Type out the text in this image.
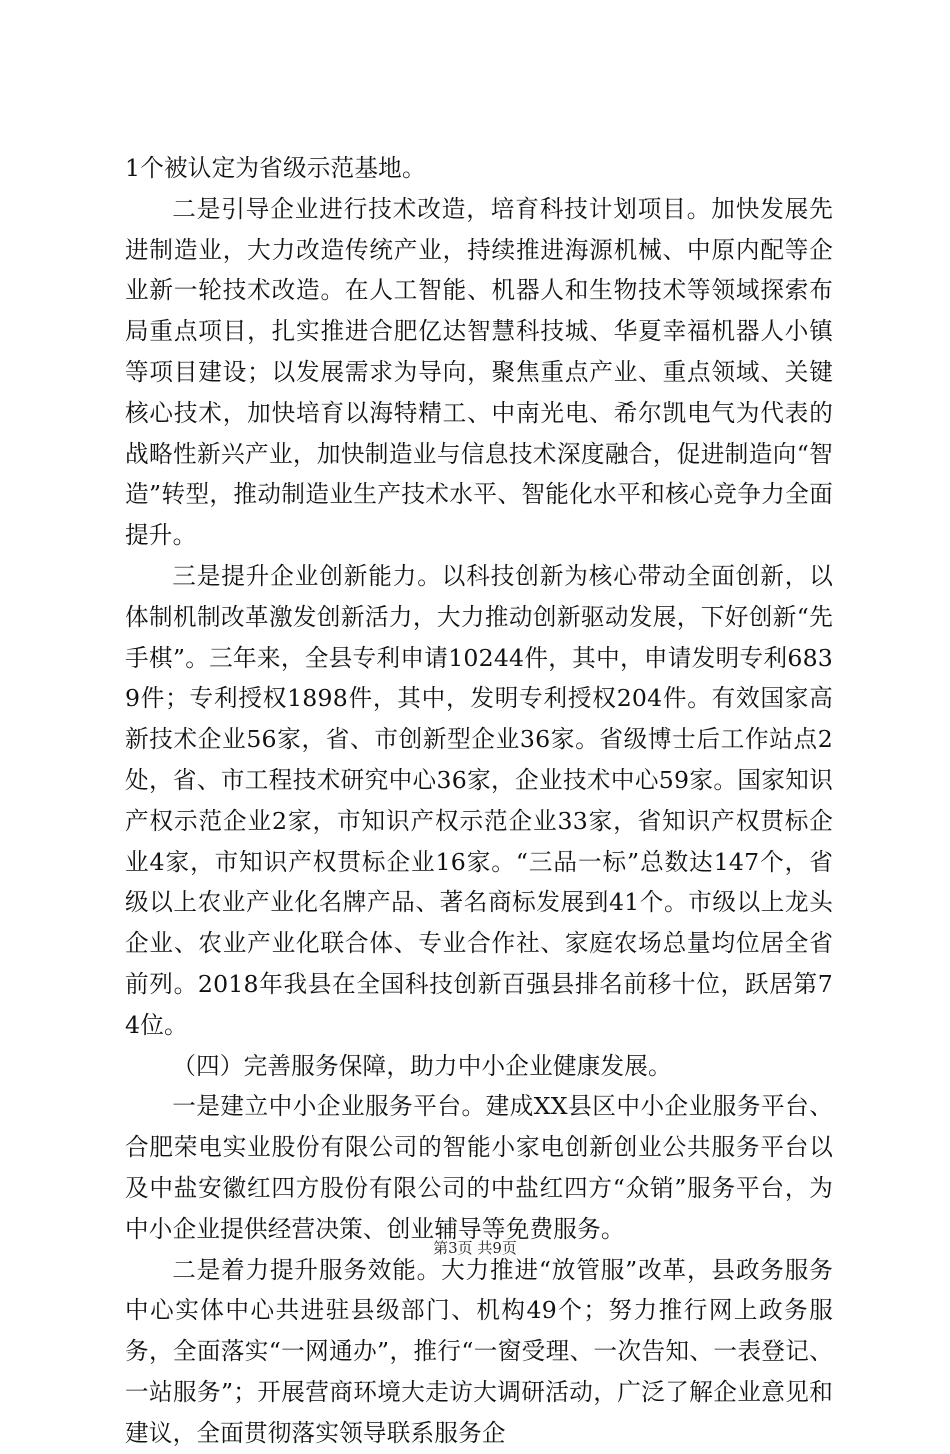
1个被认定为省级示范基地。

二是引导企业进行技术改造，培育科技计划项目。加快发展先进制造业，大力改造传统产业，持续推进海源机械、中原内配等企业新一轮技术改造。在人工智能、机器人和生物技术等领域探索布局重点项目，扎实推进合肥亿达智慧科技城、华夏幸福机器人小镇等项目建设；以发展需求为导向，聚焦重点产业、重点领域、关键核心技术，加快培育以海特精工、中南光电、希尔凯电气为代表的战略性新兴产业，加快制造业与信息技术深度融合，促进制造向“智造”转型，推动制造业生产技术水平、智能化水平和核心竞争力全面提升。

三是提升企业创新能力。以科技创新为核心带动全面创新，以体制机制改革激发创新活力，大力推动创新驱动发展，下好创新“先手棋”。三年来，全县专利申请10244件，其中，申请发明专利6839件；专利授权1898件，其中，发明专利授权204件。有效国家高新技术企业56家，省、市创新型企业36家。省级博士后工作站点2处，省、市工程技术研究中心36家，企业技术中心59家。国家知识产权示范企业2家，市知识产权示范企业33家，省知识产权贯标企业4家，市知识产权贯标企业16家。“三品一标”总数达147个，省级以上农业产业化名牌产品、著名商标发展到41个。市级以上龙头企业、农业产业化联合体、专业合作社、家庭农场总量均位居全省前列。2018年我县在全国科技创新百强县排名前移十位，跃居第74位。

（四）完善服务保障，助力中小企业健康发展。

一是建立中小企业服务平台。建成XX县区中小企业服务平台、合肥荣电实业股份有限公司的智能小家电创新创业公共服务平台以及中盐安徽红四方股份有限公司的中盐红四方“众销”服务平台，为中小企业提供经营决策、创业辅导等免费服务。

二是着力提升服务效能。大力推进“放管服”改革，县政务服务中心实体中心共进驻县级部门、机构49个；努力推行网上政务服务，全面落实“一网通办”，推行“一窗受理、一次告知、一表登记、一站服务”；开展营商环境大走访大调研活动，广泛了解企业意见和建议，全面贯彻落实领导联系服务企

第3页 共9页
